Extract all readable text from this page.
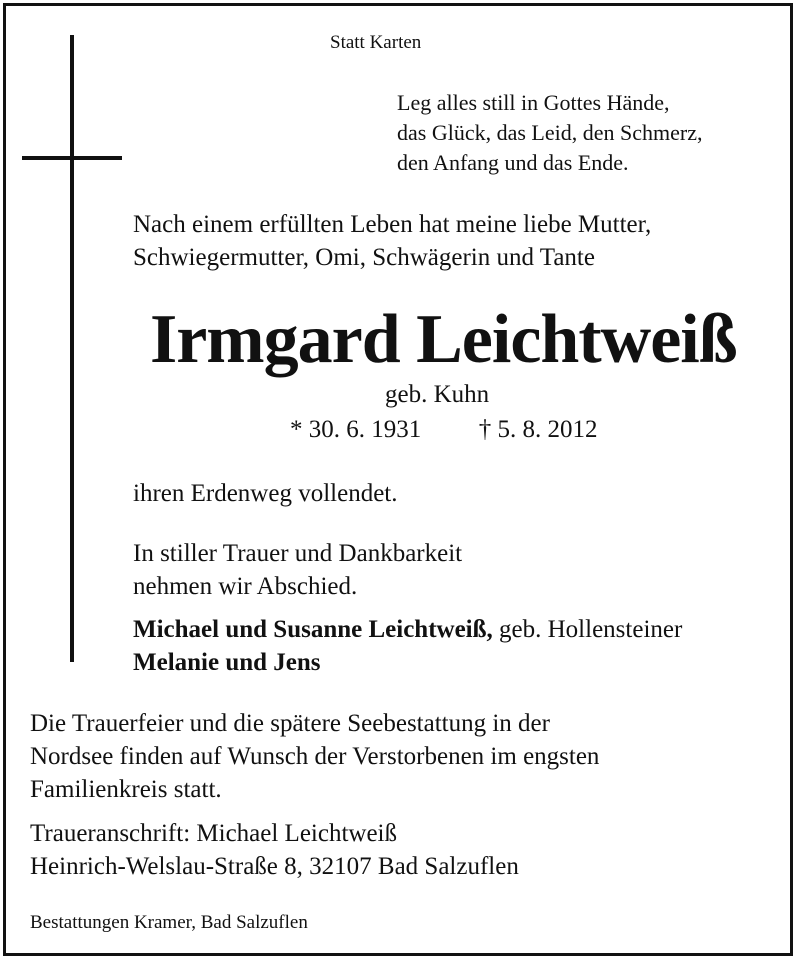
Statt Karten

Leg alles still in Gottes Hände,
das Glück, das Leid, den Schmerz,
den Anfang und das Ende.
Nach einem erfüllten Leben hat meine liebe Mutter,
Schwiegermutter, Omi, Schwägerin und Tante
Irmgard Leichtweiß
geb. Kuhn
* 30. 6. 1931 † 5. 8. 2012
ihren Erdenweg vollendet.
In stiller Trauer und Dankbarkeit
nehmen wir Abschied.
Michael und Susanne Leichtweiß, geb. Hollensteiner
Melanie und Jens
Die Trauerfeier und die spätere Seebestattung in der
Nordsee finden auf Wunsch der Verstorbenen im engsten
Familienkreis statt.
Traueranschrift: Michael Leichtweiß
Heinrich-Welslau-Straße 8, 32107 Bad Salzuflen

Bestattungen Kramer, Bad Salzuflen
